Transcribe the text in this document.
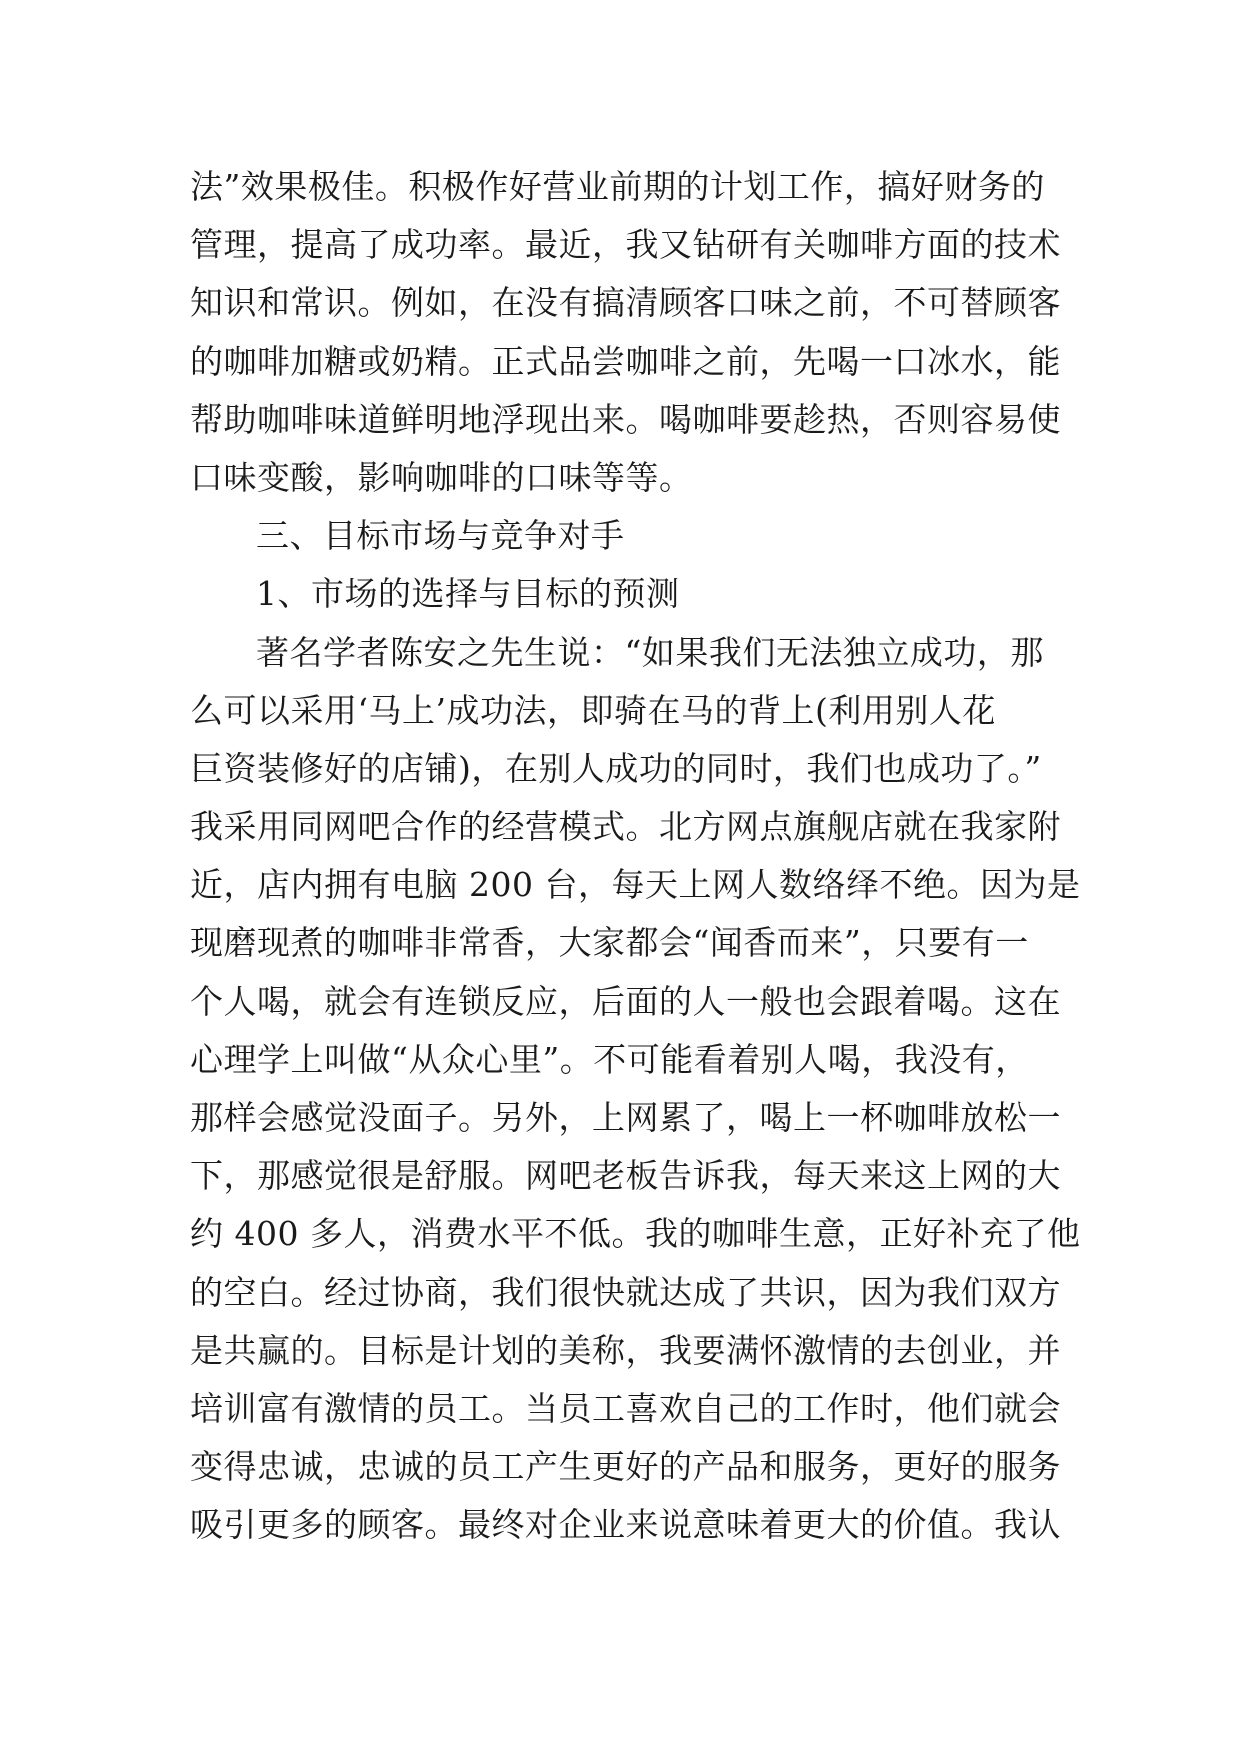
法”效果极佳。积极作好营业前期的计划工作，搞好财务的
管理，提高了成功率。最近，我又钻研有关咖啡方面的技术
知识和常识。例如，在没有搞清顾客口味之前，不可替顾客
的咖啡加糖或奶精。正式品尝咖啡之前，先喝一口冰水，能
帮助咖啡味道鲜明地浮现出来。喝咖啡要趁热，否则容易使
口味变酸，影响咖啡的口味等等。
三、目标市场与竞争对手
1、市场的选择与目标的预测
著名学者陈安之先生说：“如果我们无法独立成功，那
么可以采用‘马上’成功法，即骑在马的背上(利用别人花
巨资装修好的店铺)，在别人成功的同时，我们也成功了。”
我采用同网吧合作的经营模式。北方网点旗舰店就在我家附
近，店内拥有电脑 200 台，每天上网人数络绎不绝。因为是
现磨现煮的咖啡非常香，大家都会“闻香而来”，只要有一
个人喝，就会有连锁反应，后面的人一般也会跟着喝。这在
心理学上叫做“从众心里”。不可能看着别人喝，我没有，
那样会感觉没面子。另外，上网累了，喝上一杯咖啡放松一
下，那感觉很是舒服。网吧老板告诉我，每天来这上网的大
约 400 多人，消费水平不低。我的咖啡生意，正好补充了他
的空白。经过协商，我们很快就达成了共识，因为我们双方
是共赢的。目标是计划的美称，我要满怀激情的去创业，并
培训富有激情的员工。当员工喜欢自己的工作时，他们就会
变得忠诚，忠诚的员工产生更好的产品和服务，更好的服务
吸引更多的顾客。最终对企业来说意味着更大的价值。我认
